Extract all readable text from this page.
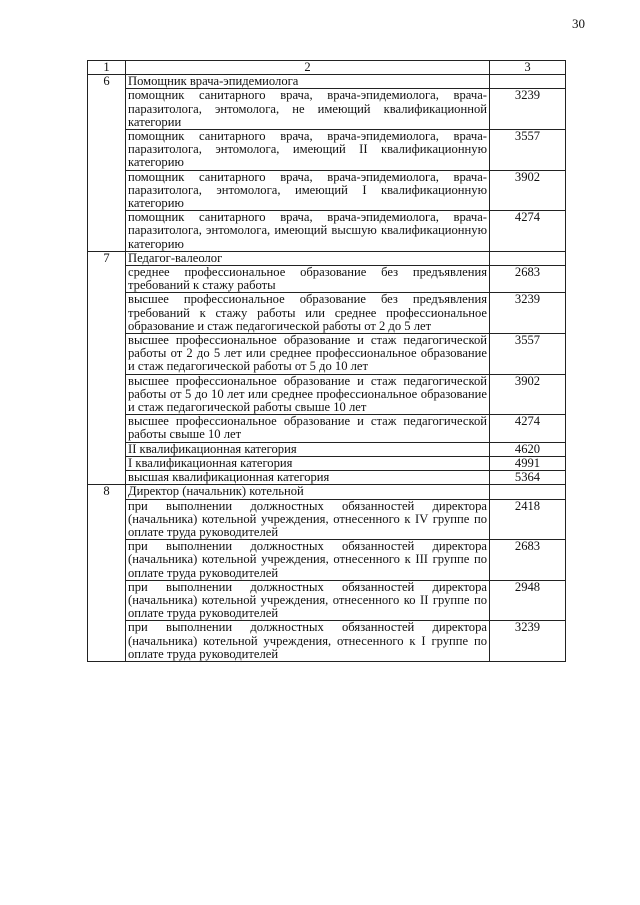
30
1	2	3
6	Помощник врача-эпидемиолога	
	помощник санитарного врача, врача-эпидемиолога, врача-паразитолога, энтомолога, не имеющий квалификационной категории	3239
	помощник санитарного врача, врача-эпидемиолога, врача-паразитолога, энтомолога, имеющий II квалификационную категорию	3557
	помощник санитарного врача, врача-эпидемиолога, врача-паразитолога, энтомолога, имеющий I квалификационную категорию	3902
	помощник санитарного врача, врача-эпидемиолога, врача-паразитолога, энтомолога, имеющий высшую квалификационную категорию	4274
7	Педагог-валеолог	
	среднее профессиональное образование без предъявления требований к стажу работы	2683
	высшее профессиональное образование без предъявления требований к стажу работы или среднее профессиональное образование и стаж педагогической работы от 2 до 5 лет	3239
	высшее профессиональное образование и стаж педагогической работы от 2 до 5 лет или среднее профессиональное образование и стаж педагогической работы от 5 до 10 лет	3557
	высшее профессиональное образование и стаж педагогической работы от 5 до 10 лет или среднее профессиональное образование и стаж педагогической работы свыше 10 лет	3902
	высшее профессиональное образование и стаж педагогической работы свыше 10 лет	4274
	II квалификационная категория	4620
	I квалификационная категория	4991
	высшая квалификационная категория	5364
8	Директор (начальник) котельной	
	при выполнении должностных обязанностей директора (начальника) котельной учреждения, отнесенного к IV группе по оплате труда руководителей	2418
	при выполнении должностных обязанностей директора (начальника) котельной учреждения, отнесенного к III группе по оплате труда руководителей	2683
	при выполнении должностных обязанностей директора (начальника) котельной учреждения, отнесенного ко II группе по оплате труда руководителей	2948
	при выполнении должностных обязанностей директора (начальника) котельной учреждения, отнесенного к I группе по оплате труда руководителей	3239
